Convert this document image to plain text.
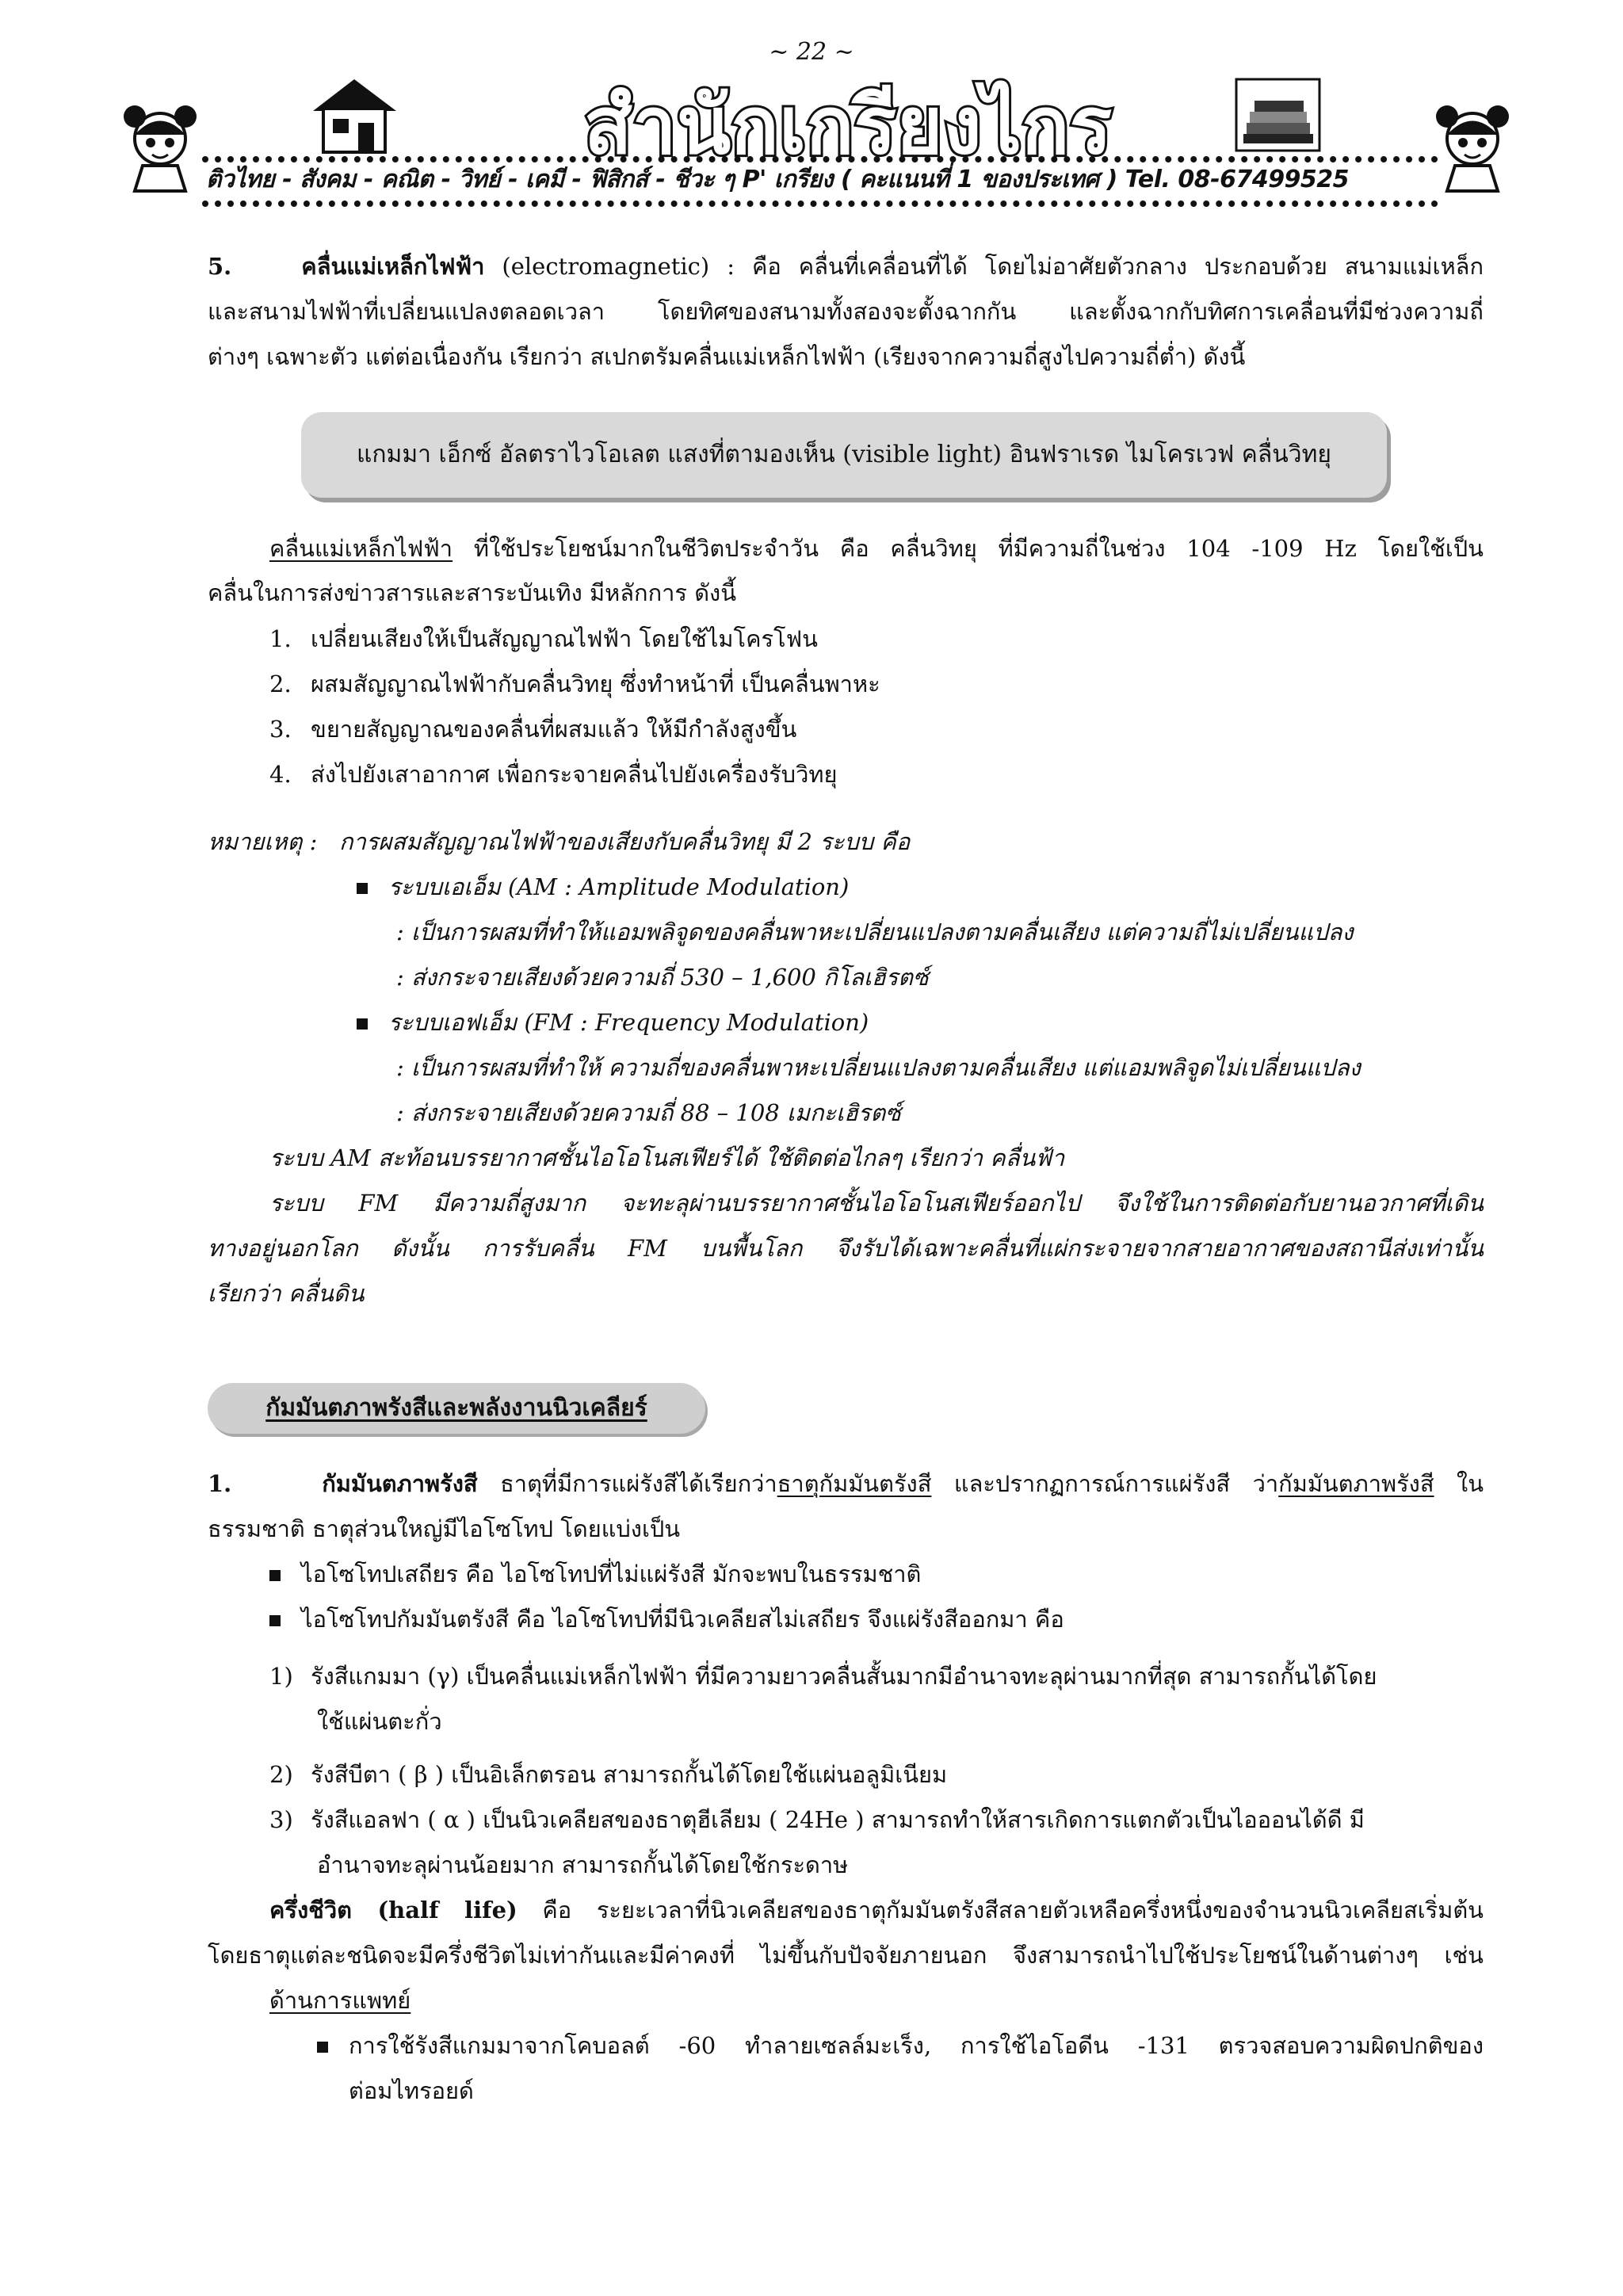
~ 22 ~
สำนักเกรียงไกร
ติวไทย - สังคม - คณิต - วิทย์ - เคมี - ฟิสิกส์ - ชีวะ ๆ P' เกรียง ( คะแนนที่ 1 ของประเทศ ) Tel. 08-67499525
5.	คลื่นแม่เหล็กไฟฟ้า (electromagnetic) : คือ คลื่นที่เคลื่อนที่ได้ โดยไม่อาศัยตัวกลาง ประกอบด้วย สนามแม่เหล็ก
และสนามไฟฟ้าที่เปลี่ยนแปลงตลอดเวลา โดยทิศของสนามทั้งสองจะตั้งฉากกัน และตั้งฉากกับทิศการเคลื่อนที่มีช่วงความถี่
ต่างๆ เฉพาะตัว แต่ต่อเนื่องกัน เรียกว่า สเปกตรัมคลื่นแม่เหล็กไฟฟ้า (เรียงจากความถี่สูงไปความถี่ต่ำ) ดังนี้
แกมมา เอ็กซ์ อัลตราไวโอเลต แสงที่ตามองเห็น (visible light) อินฟราเรด ไมโครเวฟ คลื่นวิทยุ
คลื่นแม่เหล็กไฟฟ้า ที่ใช้ประโยชน์มากในชีวิตประจำวัน คือ คลื่นวิทยุ ที่มีความถี่ในช่วง 104 -109 Hz โดยใช้เป็น
คลื่นในการส่งข่าวสารและสาระบันเทิง มีหลักการ ดังนี้
1. เปลี่ยนเสียงให้เป็นสัญญาณไฟฟ้า โดยใช้ไมโครโฟน
2. ผสมสัญญาณไฟฟ้ากับคลื่นวิทยุ ซึ่งทำหน้าที่ เป็นคลื่นพาหะ
3. ขยายสัญญาณของคลื่นที่ผสมแล้ว ให้มีกำลังสูงขึ้น
4. ส่งไปยังเสาอากาศ เพื่อกระจายคลื่นไปยังเครื่องรับวิทยุ
หมายเหตุ : การผสมสัญญาณไฟฟ้าของเสียงกับคลื่นวิทยุ มี 2 ระบบ คือ
ระบบเอเอ็ม (AM : Amplitude Modulation)
: เป็นการผสมที่ทำให้แอมพลิจูดของคลื่นพาหะเปลี่ยนแปลงตามคลื่นเสียง แต่ความถี่ไม่เปลี่ยนแปลง
: ส่งกระจายเสียงด้วยความถี่ 530 – 1,600 กิโลเฮิรตซ์
ระบบเอฟเอ็ม (FM : Frequency Modulation)
: เป็นการผสมที่ทำให้ ความถี่ของคลื่นพาหะเปลี่ยนแปลงตามคลื่นเสียง แต่แอมพลิจูดไม่เปลี่ยนแปลง
: ส่งกระจายเสียงด้วยความถี่ 88 – 108 เมกะเฮิรตซ์
ระบบ AM สะท้อนบรรยากาศชั้นไอโอโนสเฟียร์ได้ ใช้ติดต่อไกลๆ เรียกว่า คลื่นฟ้า
ระบบ FM มีความถี่สูงมาก จะทะลุผ่านบรรยากาศชั้นไอโอโนสเฟียร์ออกไป จึงใช้ในการติดต่อกับยานอวกาศที่เดิน
ทางอยู่นอกโลก ดังนั้น การรับคลื่น FM บนพื้นโลก จึงรับได้เฉพาะคลื่นที่แผ่กระจายจากสายอากาศของสถานีส่งเท่านั้น
เรียกว่า คลื่นดิน
กัมมันตภาพรังสีและพลังงานนิวเคลียร์
1.	กัมมันตภาพรังสี ธาตุที่มีการแผ่รังสีได้เรียกว่าธาตุกัมมันตรังสี และปรากฏการณ์การแผ่รังสี ว่ากัมมันตภาพรังสี ใน
ธรรมชาติ ธาตุส่วนใหญ่มีไอโซโทป โดยแบ่งเป็น
ไอโซโทปเสถียร คือ ไอโซโทปที่ไม่แผ่รังสี มักจะพบในธรรมชาติ
ไอโซโทปกัมมันตรังสี คือ ไอโซโทปที่มีนิวเคลียสไม่เสถียร จึงแผ่รังสีออกมา คือ
1) รังสีแกมมา (γ) เป็นคลื่นแม่เหล็กไฟฟ้า ที่มีความยาวคลื่นสั้นมากมีอำนาจทะลุผ่านมากที่สุด สามารถกั้นได้โดย
ใช้แผ่นตะกั่ว
2) รังสีบีตา ( β ) เป็นอิเล็กตรอน สามารถกั้นได้โดยใช้แผ่นอลูมิเนียม
3) รังสีแอลฟา ( α ) เป็นนิวเคลียสของธาตุฮีเลียม ( 24He ) สามารถทำให้สารเกิดการแตกตัวเป็นไอออนได้ดี มี
อำนาจทะลุผ่านน้อยมาก สามารถกั้นได้โดยใช้กระดาษ
ครึ่งชีวิต (half life) คือ ระยะเวลาที่นิวเคลียสของธาตุกัมมันตรังสีสลายตัวเหลือครึ่งหนึ่งของจำนวนนิวเคลียสเริ่มต้น
โดยธาตุแต่ละชนิดจะมีครึ่งชีวิตไม่เท่ากันและมีค่าคงที่ ไม่ขึ้นกับปัจจัยภายนอก จึงสามารถนำไปใช้ประโยชน์ในด้านต่างๆ เช่น
ด้านการแพทย์
การใช้รังสีแกมมาจากโคบอลต์ -60 ทำลายเซลล์มะเร็ง, การใช้ไอโอดีน -131 ตรวจสอบความผิดปกติของ
ต่อมไทรอยด์
